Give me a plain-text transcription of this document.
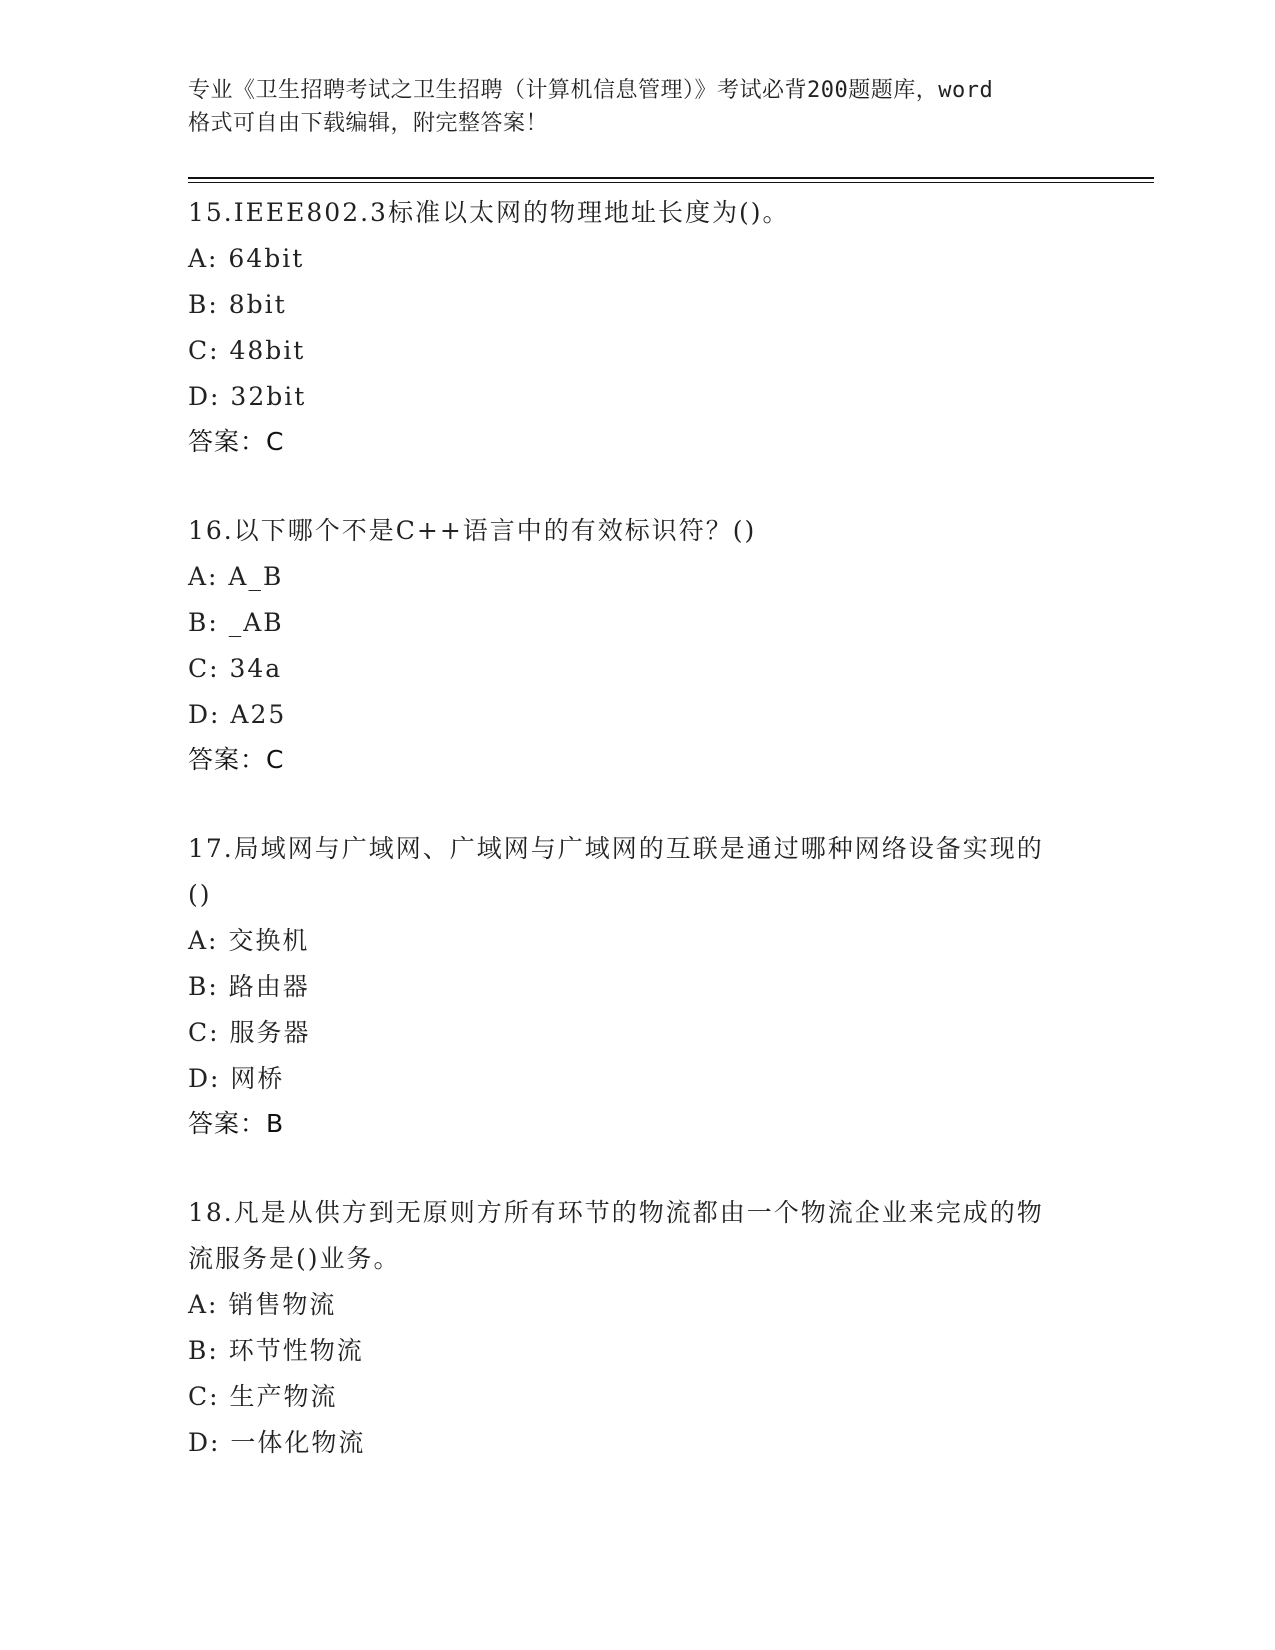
专业《卫生招聘考试之卫生招聘（计算机信息管理）》考试必背200题题库，word
格式可自由下载编辑，附完整答案！
15.IEEE802.3标准以太网的物理地址长度为()。
A: 64bit
B: 8bit
C: 48bit
D: 32bit
答案：C
16.以下哪个不是C++语言中的有效标识符？()
A: A_B
B: _AB
C: 34a
D: A25
答案：C
17.局域网与广域网、广域网与广域网的互联是通过哪种网络设备实现的()
A: 交换机
B: 路由器
C: 服务器
D: 网桥
答案：B
18.凡是从供方到无原则方所有环节的物流都由一个物流企业来完成的物流服务是()业务。
A: 销售物流
B: 环节性物流
C: 生产物流
D: 一体化物流
